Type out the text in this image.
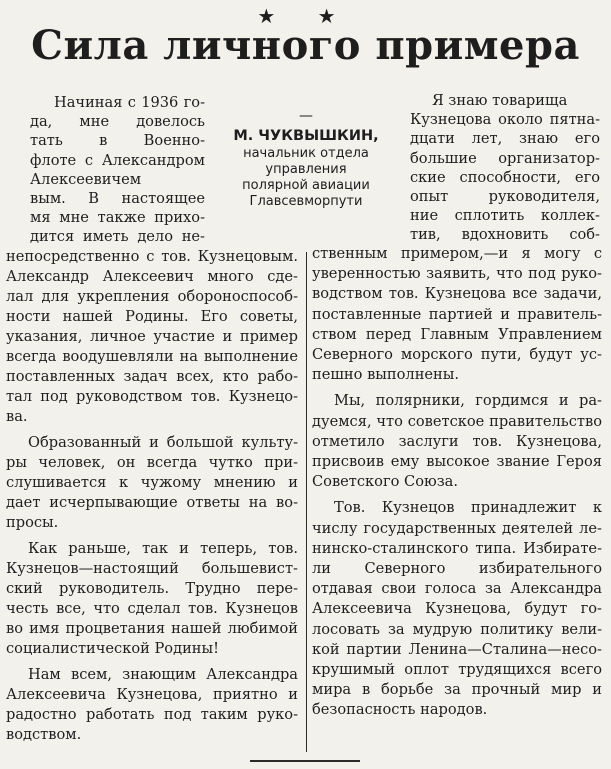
★ ★
Сила личного примера
—
М. ЧУКВЫШКИН,
начальник отдела
управления
полярной авиации
Главсевморпути
Начиная с 1936 го-
да, мне довелось
тать в Военно-
флоте с Александром
Алексеевичем
вым. В настоящее
мя мне также прихо-
дится иметь дело не-
непосредственно с тов. Кузнецовым.
Александр Алексеевич много сде-
лал для укрепления обороноспособ-
ности нашей Родины. Его советы,
указания, личное участие и пример
всегда воодушевляли на выполнение
поставленных задач всех, кто рабо-
тал под руководством тов. Кузнецо-
ва.
Образованный и большой культу-
ры человек, он всегда чутко при-
слушивается к чужому мнению и
дает исчерпывающие ответы на во-
просы.
Как раньше, так и теперь, тов.
Кузнецов—настоящий большевист-
ский руководитель. Трудно пере-
честь все, что сделал тов. Кузнецов
во имя процветания нашей любимой
социалистической Родины!
Нам всем, знающим Александра
Алексеевича Кузнецова, приятно и
радостно работать под таким руко-
водством.
Я знаю товарища
Кузнецова около пятна-
дцати лет, знаю его
большие организатор-
ские способности, его
опыт руководителя,
ние сплотить коллек-
тив, вдохновить соб-
ственным примером,—и я могу с
уверенностью заявить, что под руко-
водством тов. Кузнецова все задачи,
поставленные партией и правитель-
ством перед Главным Управлением
Северного морского пути, будут ус-
пешно выполнены.
Мы, полярники, гордимся и ра-
дуемся, что советское правительство
отметило заслуги тов. Кузнецова,
присвоив ему высокое звание Героя
Советского Союза.
Тов. Кузнецов принадлежит к
числу государственных деятелей ле-
нинско-сталинского типа. Избирате-
ли Северного избирательного
отдавая свои голоса за Александра
Алексеевича Кузнецова, будут го-
лосовать за мудрую политику вели-
кой партии Ленина—Сталина—несо-
крушимый оплот трудящихся всего
мира в борьбе за прочный мир и
безопасность народов.
